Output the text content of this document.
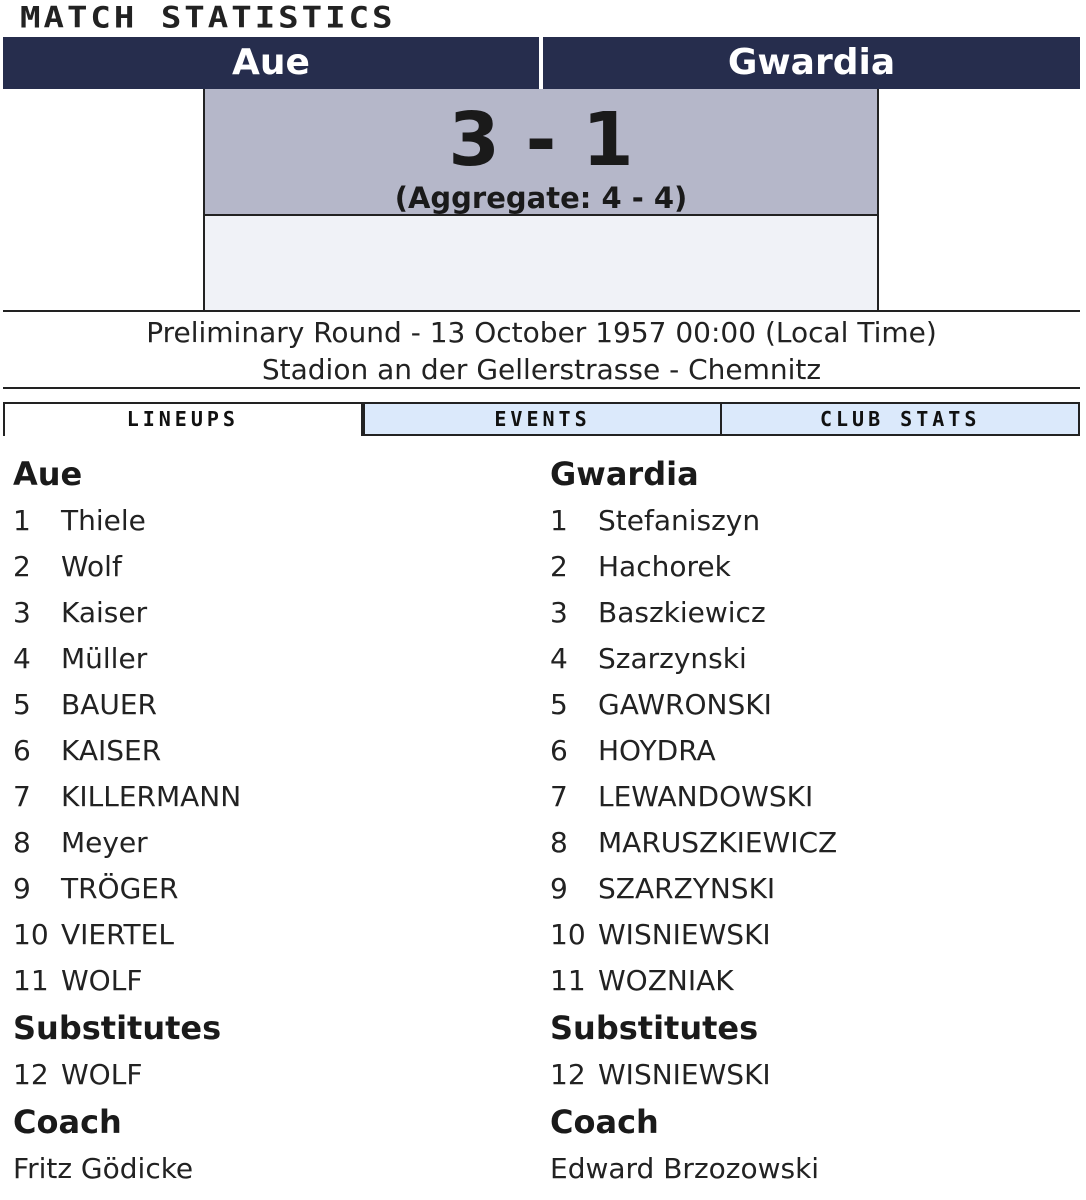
MATCH STATISTICS
Aue	Gwardia
3 - 1
(Aggregate: 4 - 4)
Preliminary Round - 13 October 1957 00:00 (Local Time)
Stadion an der Gellerstrasse - Chemnitz
LINEUPS	EVENTS	CLUB STATS
Aue
1 Thiele
2 Wolf
3 Kaiser
4 Müller
5 BAUER
6 KAISER
7 KILLERMANN
8 Meyer
9 TRÖGER
10 VIERTEL
11 WOLF
Substitutes
12 WOLF
Coach
Fritz Gödicke
Gwardia
1 Stefaniszyn
2 Hachorek
3 Baszkiewicz
4 Szarzynski
5 GAWRONSKI
6 HOYDRA
7 LEWANDOWSKI
8 MARUSZKIEWICZ
9 SZARZYNSKI
10 WISNIEWSKI
11 WOZNIAK
Substitutes
12 WISNIEWSKI
Coach
Edward Brzozowski
